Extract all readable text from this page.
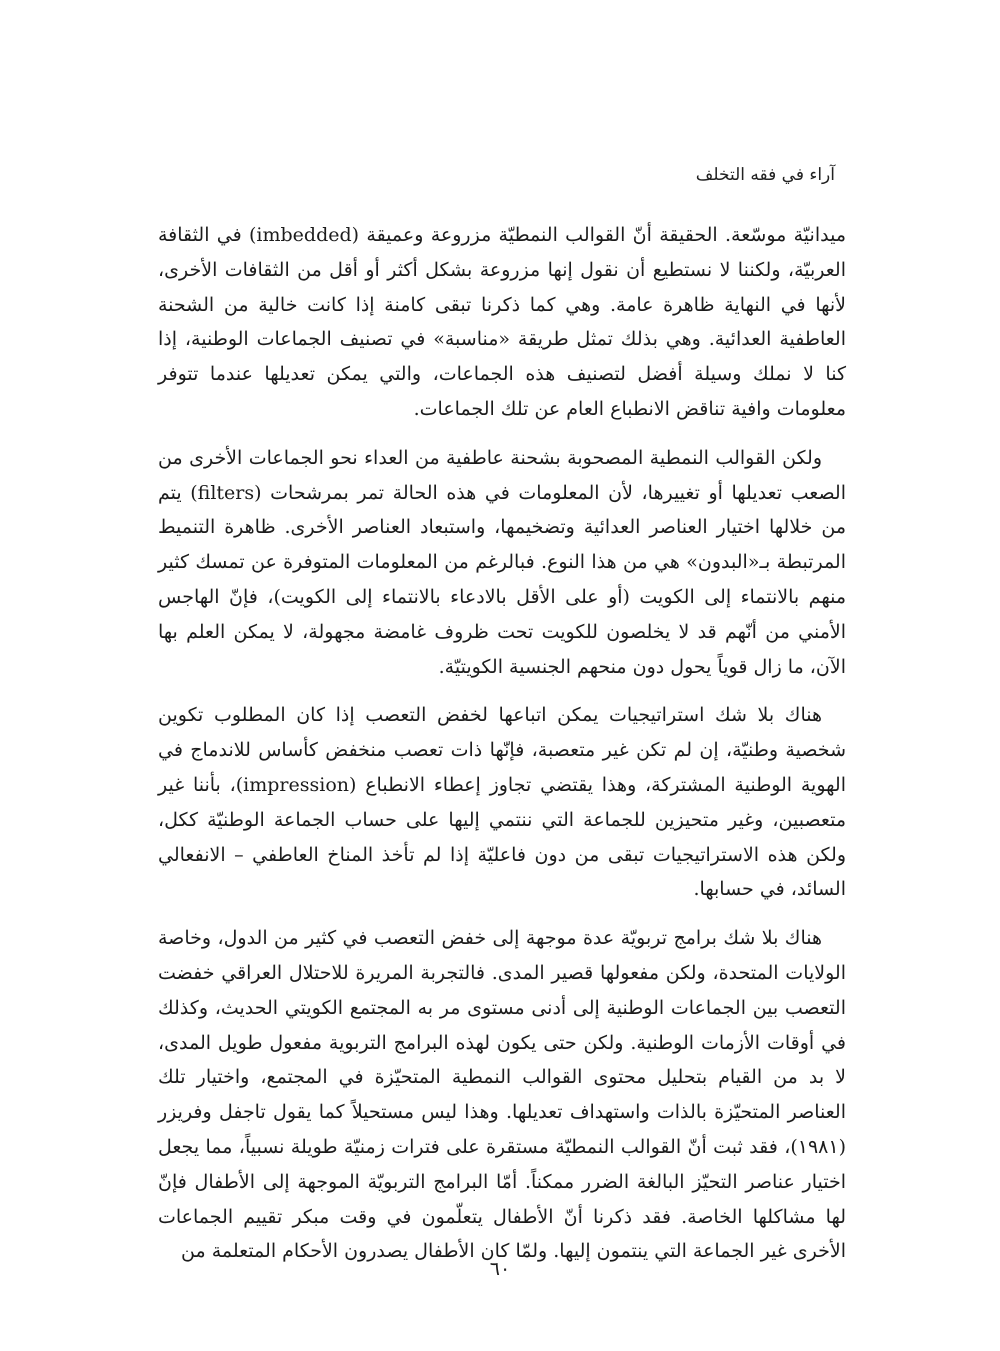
آراء في فقه التخلف

ميدانيّة موسّعة. الحقيقة أنّ القوالب النمطيّة مزروعة وعميقة (imbedded) في الثقافة العربيّة، ولكننا لا نستطيع أن نقول إنها مزروعة بشكل أكثر أو أقل من الثقافات الأخرى، لأنها في النهاية ظاهرة عامة. وهي كما ذكرنا تبقى كامنة إذا كانت خالية من الشحنة العاطفية العدائية. وهي بذلك تمثل طريقة «مناسبة» في تصنيف الجماعات الوطنية، إذا كنا لا نملك وسيلة أفضل لتصنيف هذه الجماعات، والتي يمكن تعديلها عندما تتوفر معلومات وافية تناقض الانطباع العام عن تلك الجماعات.

ولكن القوالب النمطية المصحوبة بشحنة عاطفية من العداء نحو الجماعات الأخرى من الصعب تعديلها أو تغييرها، لأن المعلومات في هذه الحالة تمر بمرشحات (filters) يتم من خلالها اختيار العناصر العدائية وتضخيمها، واستبعاد العناصر الأخرى. ظاهرة التنميط المرتبطة بـ«البدون» هي من هذا النوع. فبالرغم من المعلومات المتوفرة عن تمسك كثير منهم بالانتماء إلى الكويت (أو على الأقل بالادعاء بالانتماء إلى الكويت)، فإنّ الهاجس الأمني من أنّهم قد لا يخلصون للكويت تحت ظروف غامضة مجهولة، لا يمكن العلم بها الآن، ما زال قوياً يحول دون منحهم الجنسية الكويتيّة.

هناك بلا شك استراتيجيات يمكن اتباعها لخفض التعصب إذا كان المطلوب تكوين شخصية وطنيّة، إن لم تكن غير متعصبة، فإنّها ذات تعصب منخفض كأساس للاندماج في الهوية الوطنية المشتركة، وهذا يقتضي تجاوز إعطاء الانطباع (impression)، بأننا غير متعصبين، وغير متحيزين للجماعة التي ننتمي إليها على حساب الجماعة الوطنيّة ككل، ولكن هذه الاستراتيجيات تبقى من دون فاعليّة إذا لم تأخذ المناخ العاطفي – الانفعالي السائد، في حسابها.

هناك بلا شك برامج تربويّة عدة موجهة إلى خفض التعصب في كثير من الدول، وخاصة الولايات المتحدة، ولكن مفعولها قصير المدى. فالتجربة المريرة للاحتلال العراقي خفضت التعصب بين الجماعات الوطنية إلى أدنى مستوى مر به المجتمع الكويتي الحديث، وكذلك في أوقات الأزمات الوطنية. ولكن حتى يكون لهذه البرامج التربوية مفعول طويل المدى، لا بد من القيام بتحليل محتوى القوالب النمطية المتحيّزة في المجتمع، واختيار تلك العناصر المتحيّزة بالذات واستهداف تعديلها. وهذا ليس مستحيلاً كما يقول تاجفل وفريزر (١٩٨١)، فقد ثبت أنّ القوالب النمطيّة مستقرة على فترات زمنيّة طويلة نسبياً، مما يجعل اختيار عناصر التحيّز البالغة الضرر ممكناً. أمّا البرامج التربويّة الموجهة إلى الأطفال فإنّ لها مشاكلها الخاصة. فقد ذكرنا أنّ الأطفال يتعلّمون في وقت مبكر تقييم الجماعات الأخرى غير الجماعة التي ينتمون إليها. ولمّا كان الأطفال يصدرون الأحكام المتعلمة من

٦٠
